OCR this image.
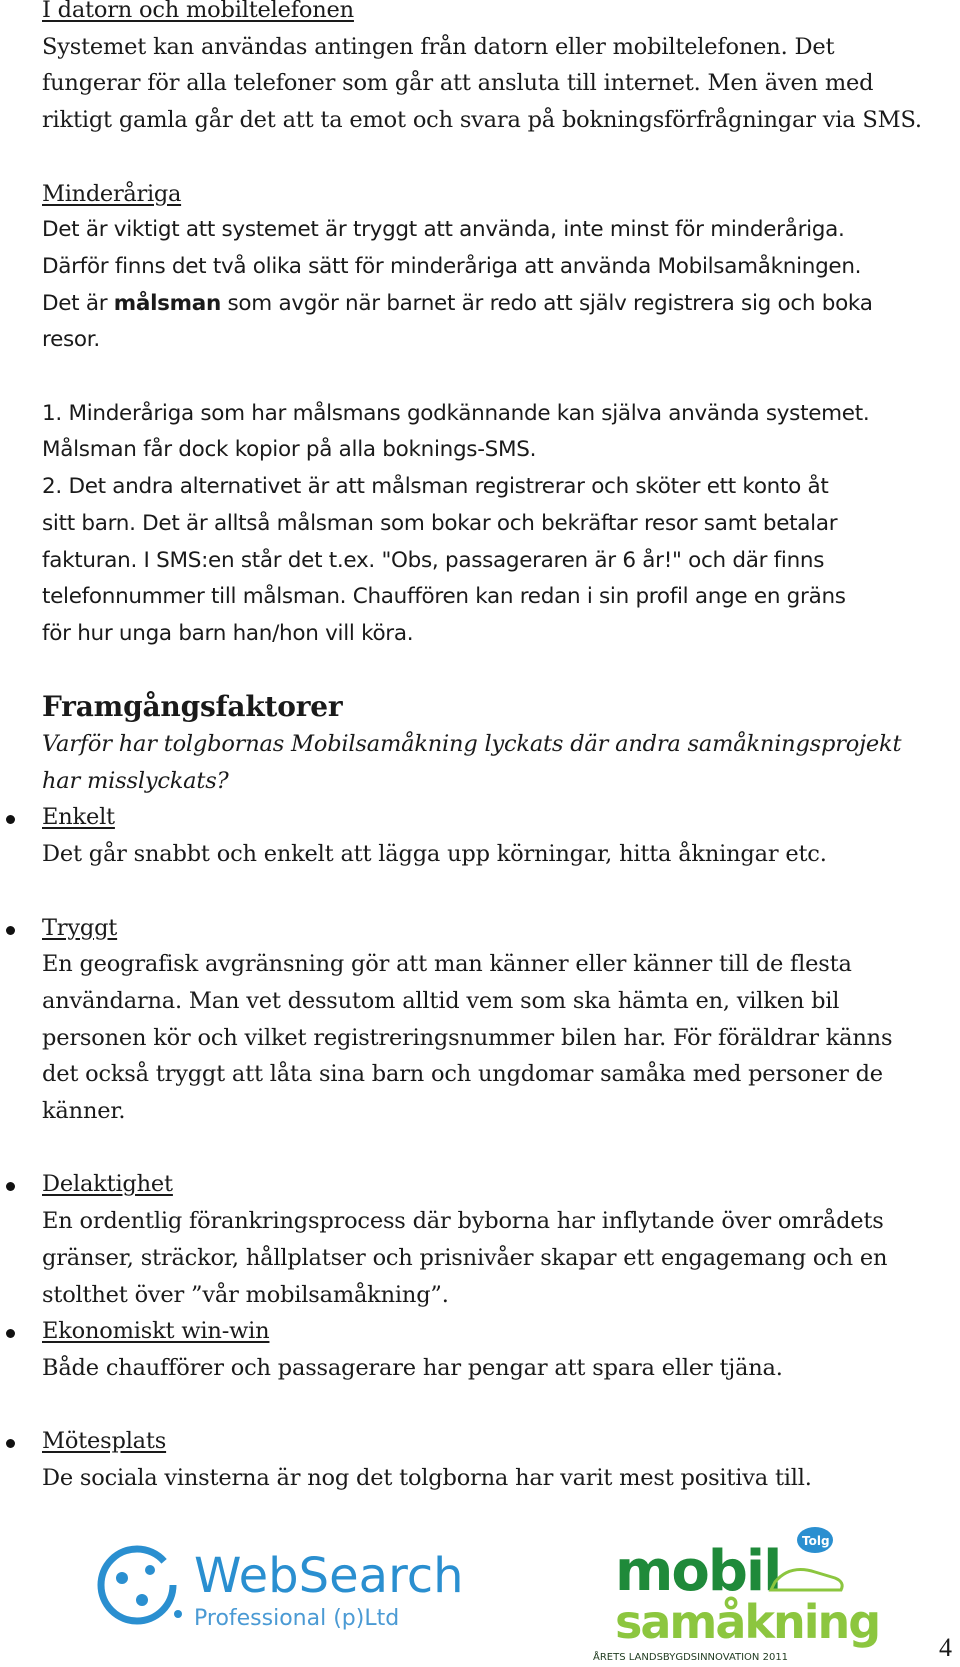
I datorn och mobiltelefonen

Systemet kan användas antingen från datorn eller mobiltelefonen. Det

fungerar för alla telefoner som går att ansluta till internet. Men även med

riktigt gamla går det att ta emot och svara på bokningsförfrågningar via SMS.

Minderåriga

Det är viktigt att systemet är tryggt att använda, inte minst för minderåriga.

Därför finns det två olika sätt för minderåriga att använda Mobilsamåkningen.

Det är målsman som avgör när barnet är redo att själv registrera sig och boka

resor.

1. Minderåriga som har målsmans godkännande kan själva använda systemet.

Målsman får dock kopior på alla boknings-SMS.

2. Det andra alternativet är att målsman registrerar och sköter ett konto åt

sitt barn. Det är alltså målsman som bokar och bekräftar resor samt betalar

fakturan. I SMS:en står det t.ex. "Obs, passageraren är 6 år!" och där finns

telefonnummer till målsman. Chauffören kan redan i sin profil ange en gräns

för hur unga barn han/hon vill köra.

Framgångsfaktorer

Varför har tolgbornas Mobilsamåkning lyckats där andra samåkningsprojekt

har misslyckats?

Enkelt

Det går snabbt och enkelt att lägga upp körningar, hitta åkningar etc.

Tryggt

En geografisk avgränsning gör att man känner eller känner till de flesta

användarna. Man vet dessutom alltid vem som ska hämta en, vilken bil

personen kör och vilket registreringsnummer bilen har. För föräldrar känns

det också tryggt att låta sina barn och ungdomar samåka med personer de

känner.

Delaktighet

En ordentlig förankringsprocess där byborna har inflytande över områdets

gränser, sträckor, hållplatser och prisnivåer skapar ett engagemang och en

stolthet över ”vår mobilsamåkning”.

Ekonomiskt win-win

Både chaufförer och passagerare har pengar att spara eller tjäna.

Mötesplats

De sociala vinsterna är nog det tolgborna har varit mest positiva till.

WebSearch
Professional (p)Ltd
mobil
samåkning
Tolg
ÅRETS LANDSBYGDSINNOVATION 2011	4
